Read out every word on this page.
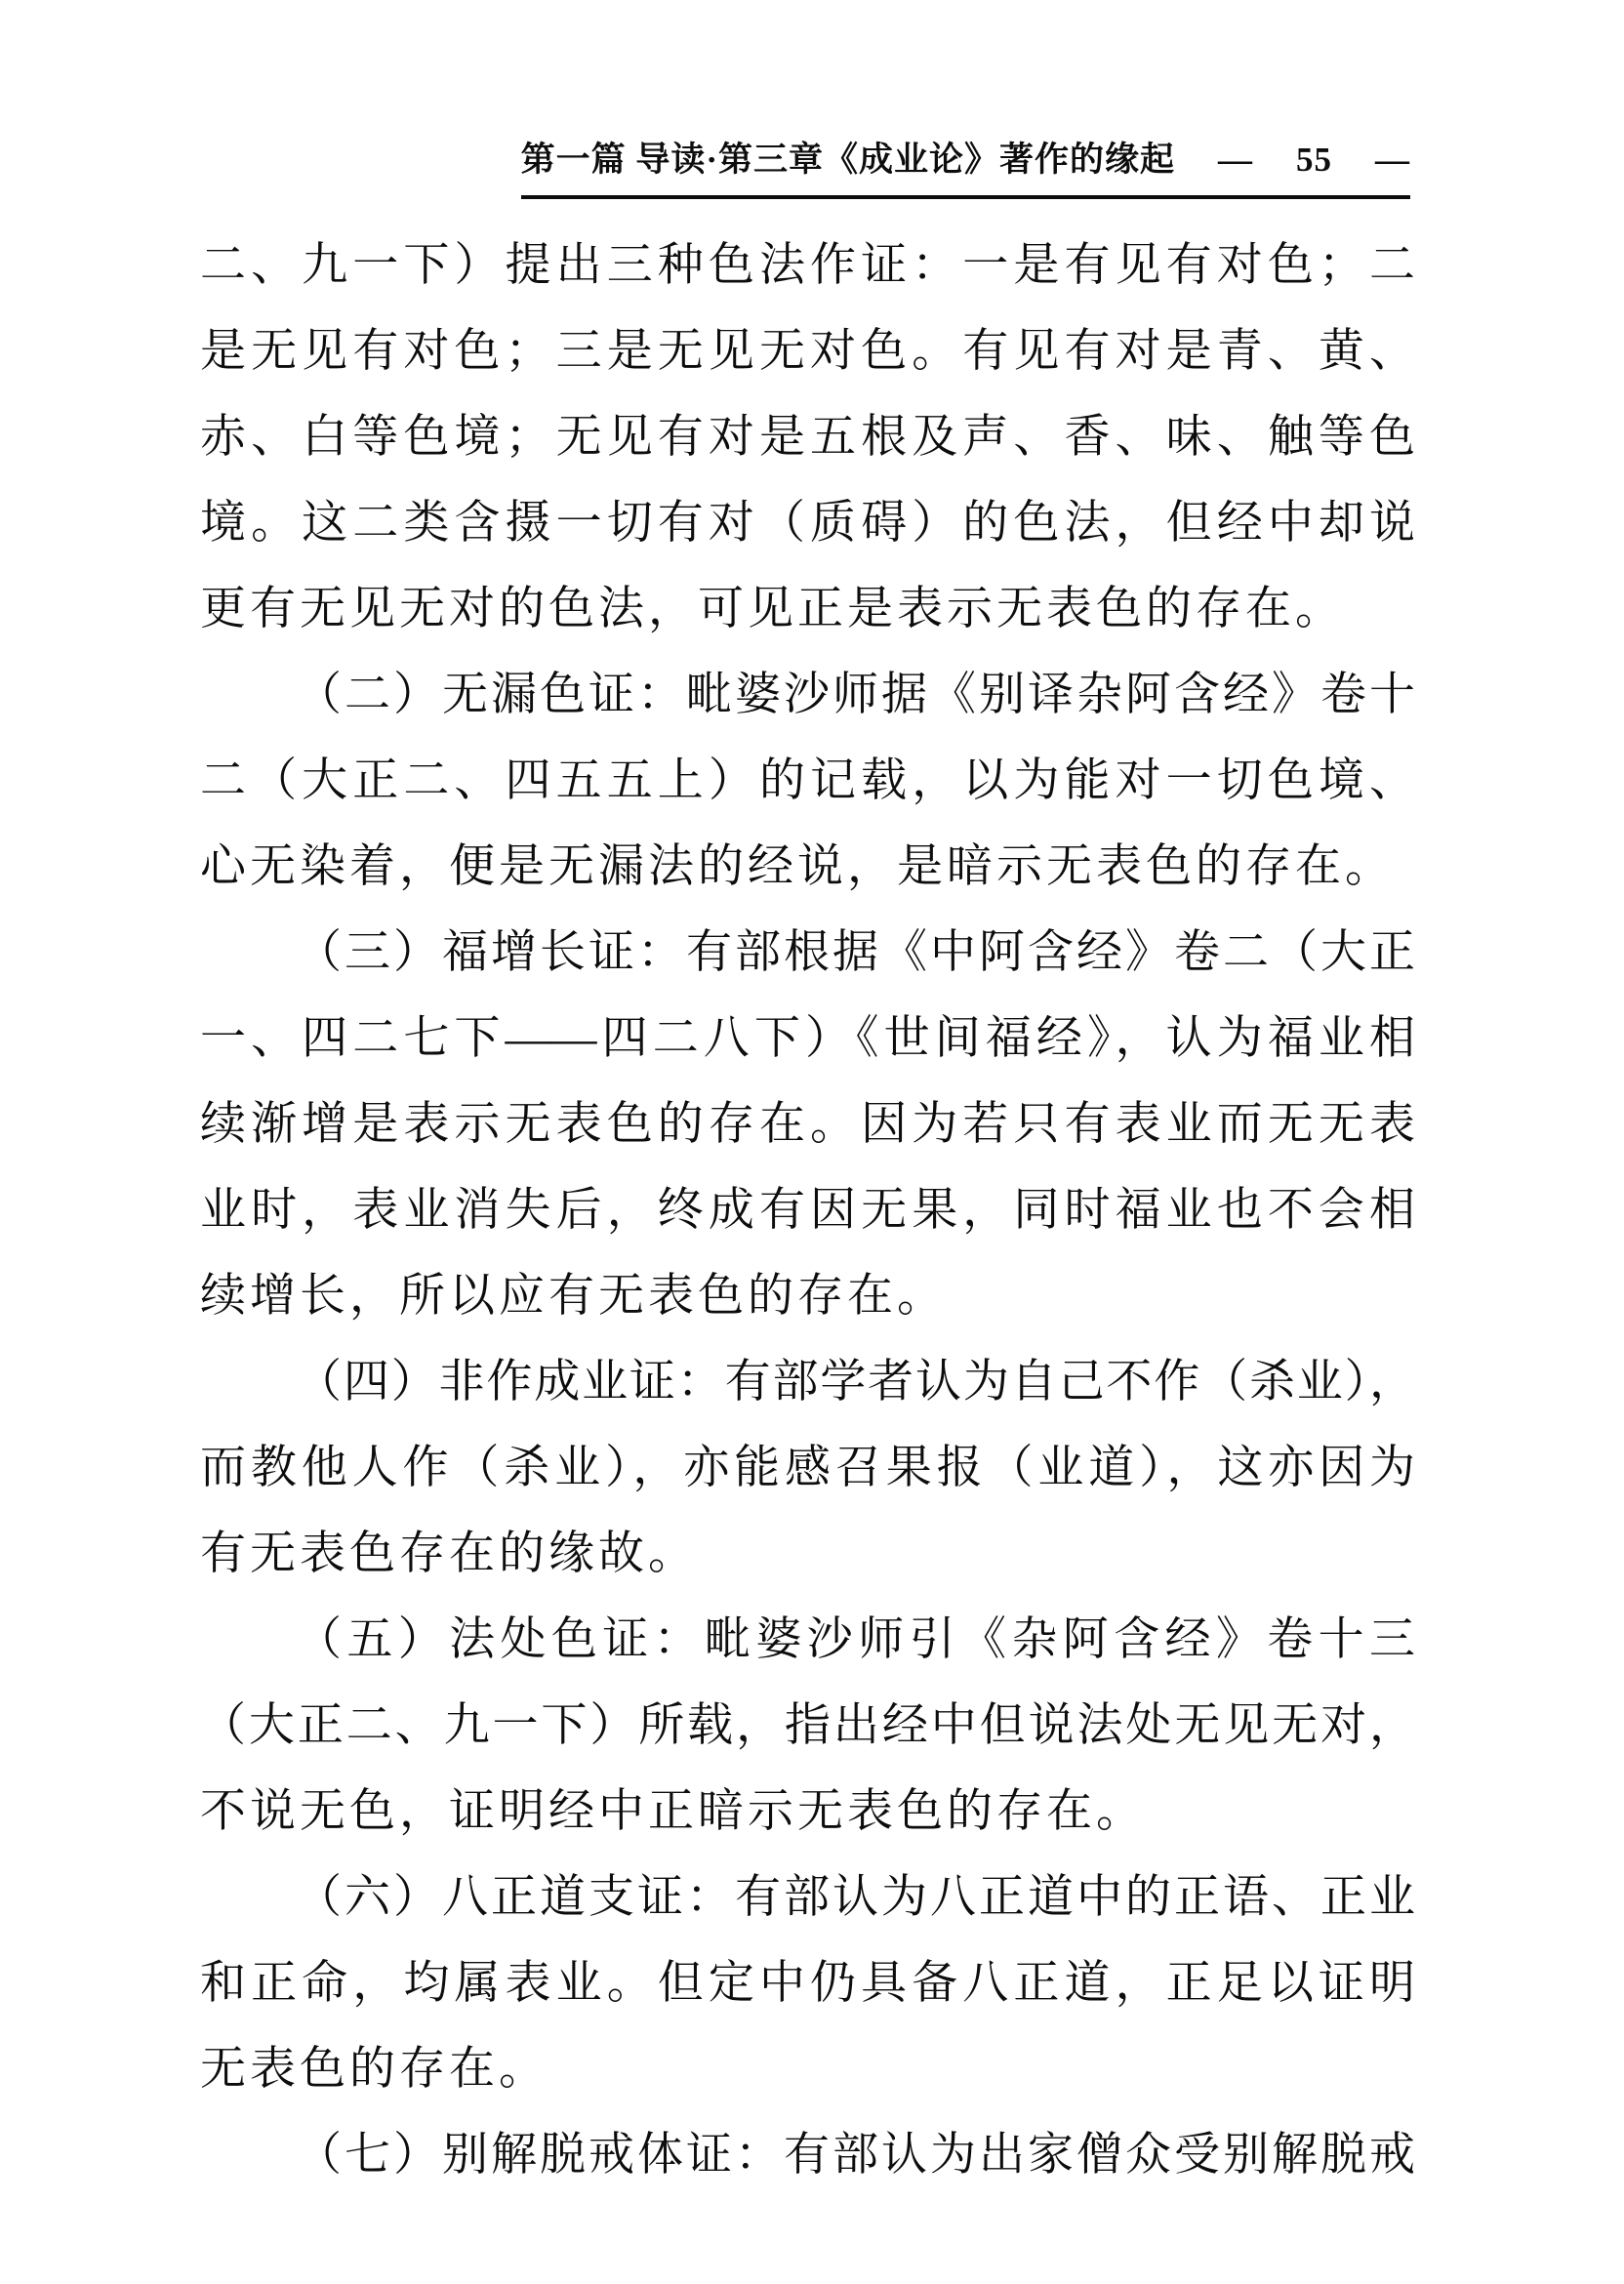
第一篇 导读·第三章《成业论》著作的缘起 — 55 —
二、九一下）提出三种色法作证：一是有见有对色；二
是无见有对色；三是无见无对色。有见有对是青、黄、
赤、白等色境；无见有对是五根及声、香、味、触等色
境。这二类含摄一切有对（质碍）的色法，但经中却说
更有无见无对的色法，可见正是表示无表色的存在。
（二）无漏色证：毗婆沙师据《别译杂阿含经》卷十
二（大正二、四五五上）的记载，以为能对一切色境、
心无染着，便是无漏法的经说，是暗示无表色的存在。
（三）福增长证：有部根据《中阿含经》卷二（大正
一、四二七下——四二八下）《世间福经》，认为福业相
续渐增是表示无表色的存在。因为若只有表业而无无表
业时，表业消失后，终成有因无果，同时福业也不会相
续增长，所以应有无表色的存在。
（四）非作成业证：有部学者认为自己不作（杀业），
而教他人作（杀业），亦能感召果报（业道），这亦因为
有无表色存在的缘故。
（五）法处色证：毗婆沙师引《杂阿含经》卷十三
（大正二、九一下）所载，指出经中但说法处无见无对，
不说无色，证明经中正暗示无表色的存在。
（六）八正道支证：有部认为八正道中的正语、正业
和正命，均属表业。但定中仍具备八正道，正足以证明
无表色的存在。
（七）别解脱戒体证：有部认为出家僧众受别解脱戒
